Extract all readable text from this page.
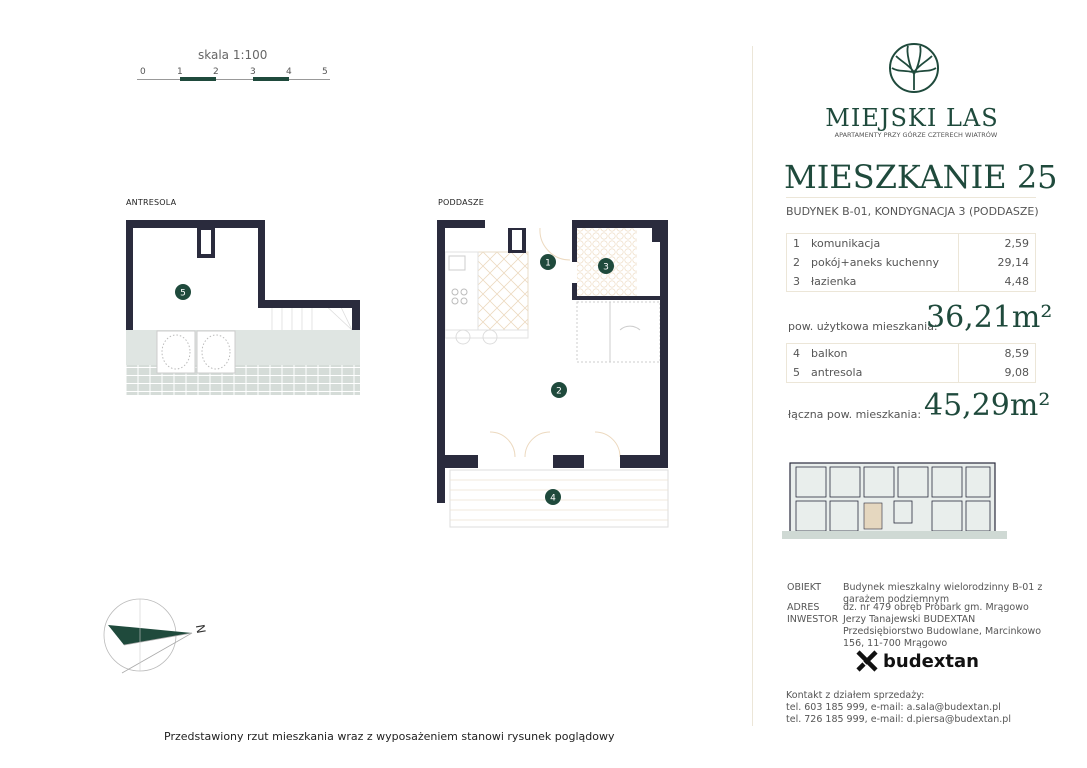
skala 1:100
0	1	2	3	4	5
ANTRESOLA	PODDASZE
5
1	3
2
4
N
Przedstawiony rzut mieszkania wraz z wyposażeniem stanowi rysunek poglądowy
MIEJSKI LAS
APARTAMENTY PRZY GÓRZE CZTERECH WIATRÓW
MIESZKANIE 25
BUDYNEK B-01, KONDYGNACJA 3 (PODDASZE)
1	komunikacja	2,59
2	pokój+aneks kuchenny	29,14
3	łazienka	4,48
pow. użytkowa mieszkania:
36,21m²
4	balkon	8,59
5	antresola	9,08
łączna pow. mieszkania: 45,29m²
OBIEKT Budynek mieszkalny wielorodzinny B-01 z garażem podziemnym
ADRES dz. nr 479 obręb Probark gm. Mrągowo
INWESTOR Jerzy Tanajewski BUDEXTAN Przedsiębiorstwo Budowlane, Marcinkowo 156, 11-700 Mrągowo
budextan
Kontakt z działem sprzedaży:
tel. 603 185 999, e-mail: a.sala@budextan.pl
tel. 726 185 999, e-mail: d.piersa@budextan.pl
